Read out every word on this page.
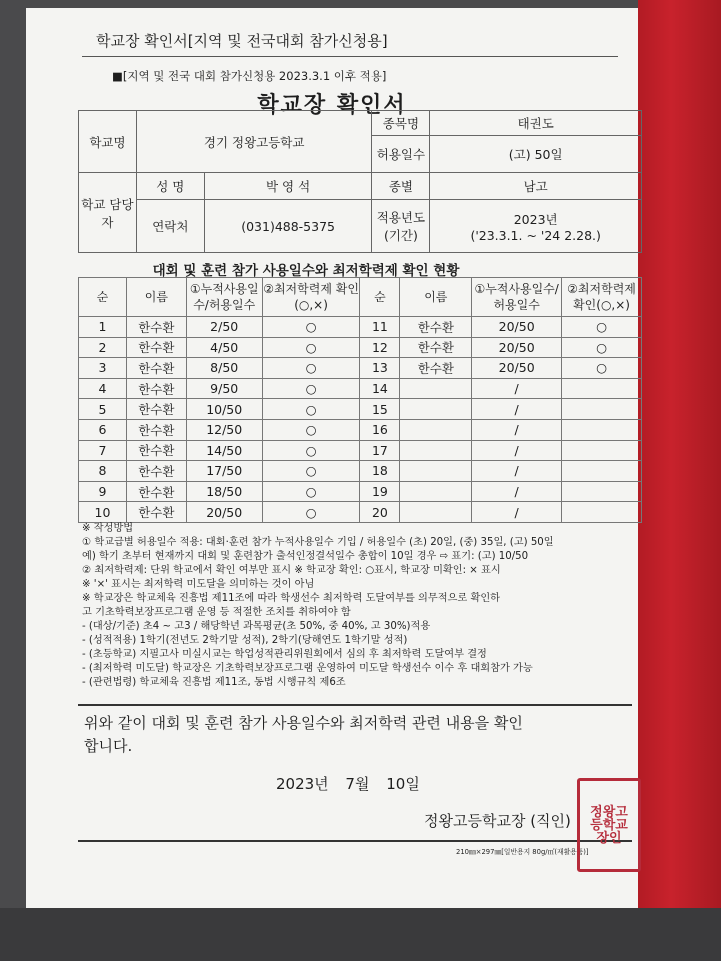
학교장 확인서[지역 및 전국대회 참가신청용]
■[지역 및 전국 대회 참가신청용 2023.3.1 이후 적용]
학교장 확인서
학교명	경기 정왕고등학교		종목명	태권도
			허용일수	(고) 50일
학교 담당자	성 명	박 영 석	종별	남고
	연락처	(031)488-5375	적용년도 (기간)	2023년
('23.3.1. ~ '24 2.28.)
대회 및 훈련 참가 사용일수와 최저학력제 확인 현황
순	이름	①누적사용일수/허용일수	②최저학력제 확인(○,×)	순	이름	①누적사용일수/허용일수	②최저학력제 확인(○,×)
1	한수환	2/50	○	11	한수환	20/50	○
2	한수환	4/50	○	12	한수환	20/50	○
3	한수환	8/50	○	13	한수환	20/50	○
4	한수환	9/50	○	14		/	
5	한수환	10/50	○	15		/	
6	한수환	12/50	○	16		/	
7	한수환	14/50	○	17		/	
8	한수환	17/50	○	18		/	
9	한수환	18/50	○	19		/	
10	한수환	20/50	○	20		/	
※ 작성방법
① 학교급별 허용일수 적용: 대회·훈련 참가 누적사용일수 기입 / 허용일수 (초) 20일, (중) 35일, (고) 50일
예) 학기 초부터 현재까지 대회 및 훈련참가 출석인정결석일수 총합이 10일 경우 ⇨ 표기: (고) 10/50
② 최저학력제: 단위 학교에서 확인 여부만 표시 ※ 학교장 확인: ○표시, 학교장 미확인: × 표시
※ '×' 표시는 최저학력 미도달을 의미하는 것이 아님
※ 학교장은 학교체육 진흥법 제11조에 따라 학생선수 최저학력 도달여부를 의무적으로 확인하
고 기초학력보장프로그램 운영 등 적절한 조치를 취하여야 함
- (대상/기준) 초4 ~ 고3 / 해당학년 과목평균(초 50%, 중 40%, 고 30%)적용
- (성적적용) 1학기(전년도 2학기말 성적), 2학기(당해연도 1학기말 성적)
- (초등학교) 지필고사 미실시교는 학업성적관리위원회에서 심의 후 최저학력 도달여부 결정
- (최저학력 미도달) 학교장은 기초학력보장프로그램 운영하여 미도달 학생선수 이수 후 대회참가 가능
- (관련법령) 학교체육 진흥법 제11조, 동법 시행규칙 제6조
위와 같이 대회 및 훈련 참가 사용일수와 최저학력 관련 내용을 확인
합니다.
2023년 7월 10일
정왕고등학교장 (직인)
210㎜×297㎜[일반용지 80g/㎡(재활용품)]
정왕고등학교장인
